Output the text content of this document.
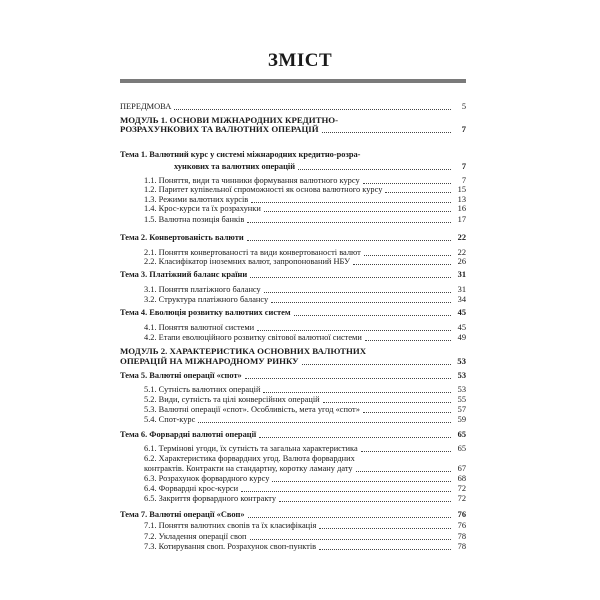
ЗМІСТ
ПЕРЕДМОВА	5
МОДУЛЬ 1. ОСНОВИ МІЖНАРОДНИХ КРЕДИТНО-
РОЗРАХУНКОВИХ ТА ВАЛЮТНИХ ОПЕРАЦІЙ	7
Тема 1. Валютний курс у системі міжнародних кредитно-розра-
хункових та валютних операцій	7
1.1. Поняття, види та чинники формування валютного курсу	7
1.2. Паритет купівельної спроможності як основа валютного курсу	15
1.3. Режими валютних курсів	13
1.4. Крос-курси та їх розрахунки	16
1.5. Валютна позиція банків	17
Тема 2. Конвертованість валюти	22
2.1. Поняття конвертованості та види конвертованості валют	22
2.2. Класифікатор іноземних валют, запропонований НБУ	26
Тема 3. Платіжний баланс країни	31
3.1. Поняття платіжного балансу	31
3.2. Структура платіжного балансу	34
Тема 4. Еволюція розвитку валютних систем	45
4.1. Поняття валютної системи	45
4.2. Етапи еволюційного розвитку світової валютної системи	49
МОДУЛЬ 2. ХАРАКТЕРИСТИКА ОСНОВНИХ ВАЛЮТНИХ
ОПЕРАЦІЙ НА МІЖНАРОДНОМУ РИНКУ	53
Тема 5. Валютні операції «спот»	53
5.1. Сутність валютних операцій	53
5.2. Види, сутність та цілі конверсійних операцій	55
5.3. Валютні операції «спот». Особливість, мета угод «спот»	57
5.4. Спот-курс	59
Тема 6. Форвардні валютні операції	65
6.1. Термінові угоди, їх сутність та загальна характеристика	65
6.2. Характеристика форвардних угод. Валюта форвардних
контрактів. Контракти на стандартну, коротку ламану дату	67
6.3. Розрахунок форвардного курсу	68
6.4. Форвардні крос-курси	72
6.5. Закриття форвардного контракту	72
Тема 7. Валютні операції «Своп»	76
7.1. Поняття валютних свопів та їх класифікація	76
7.2. Укладення операції своп	78
7.3. Котирування своп. Розрахунок своп-пунктів	78
